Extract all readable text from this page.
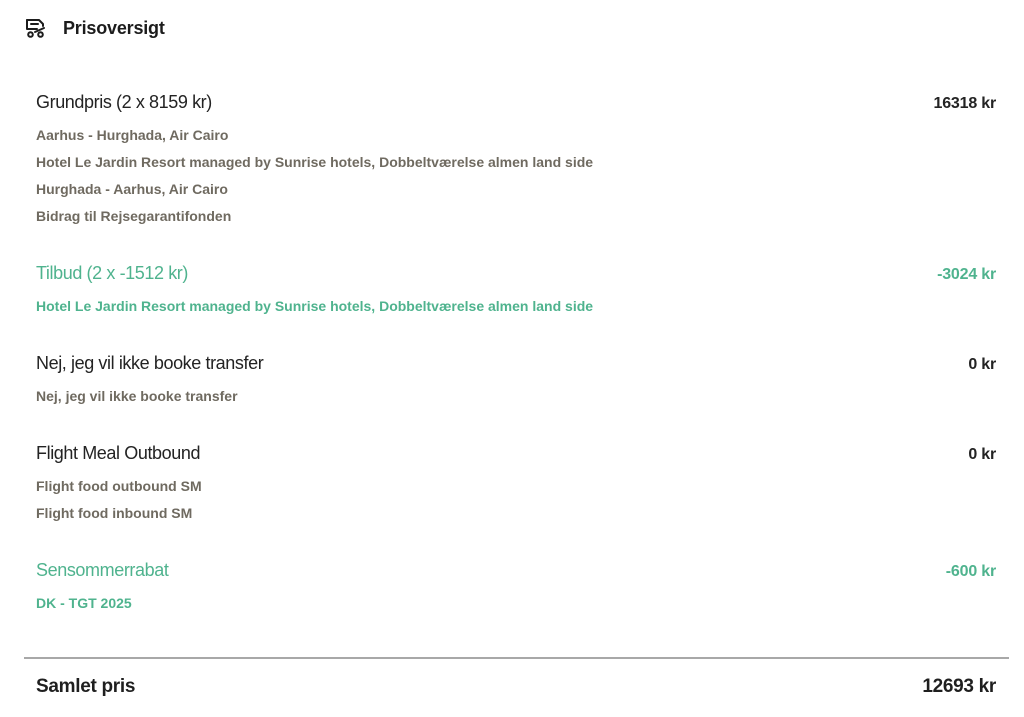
Prisoversigt
Grundpris (2 x 8159 kr)	16318 kr
Aarhus - Hurghada, Air Cairo
Hotel Le Jardin Resort managed by Sunrise hotels, Dobbeltværelse almen land side
Hurghada - Aarhus, Air Cairo
Bidrag til Rejsegarantifonden
Tilbud (2 x -1512 kr)	-3024 kr
Hotel Le Jardin Resort managed by Sunrise hotels, Dobbeltværelse almen land side
Nej, jeg vil ikke booke transfer	0 kr
Nej, jeg vil ikke booke transfer
Flight Meal Outbound	0 kr
Flight food outbound SM
Flight food inbound SM
Sensommerrabat	-600 kr
DK - TGT 2025
Samlet pris	12693 kr
